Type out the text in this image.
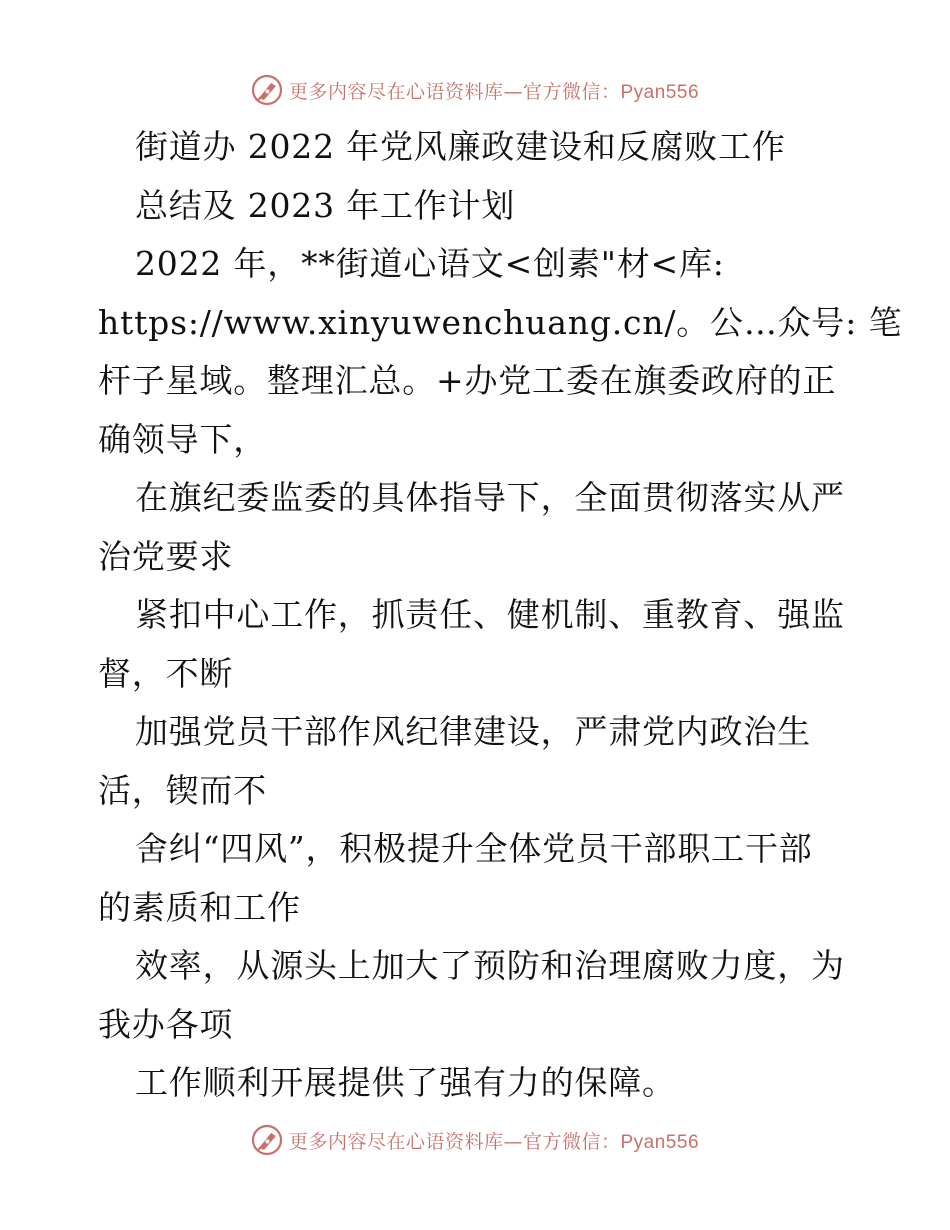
更多内容尽在心语资料库—官方微信：Pyan556
街道办 2022 年党风廉政建设和反腐败工作
总结及 2023 年工作计划
2022 年，**街道心语文<创素"材<库:
https://www.xinyuwenchuang.cn/。公…众号: 笔
杆子星域。整理汇总。+办党工委在旗委政府的正
确领导下，
在旗纪委监委的具体指导下，全面贯彻落实从严
治党要求
紧扣中心工作，抓责任、健机制、重教育、强监
督，不断
加强党员干部作风纪律建设，严肃党内政治生
活，锲而不
舍纠“四风”，积极提升全体党员干部职工干部
的素质和工作
效率，从源头上加大了预防和治理腐败力度，为
我办各项
工作顺利开展提供了强有力的保障。
更多内容尽在心语资料库—官方微信：Pyan556
